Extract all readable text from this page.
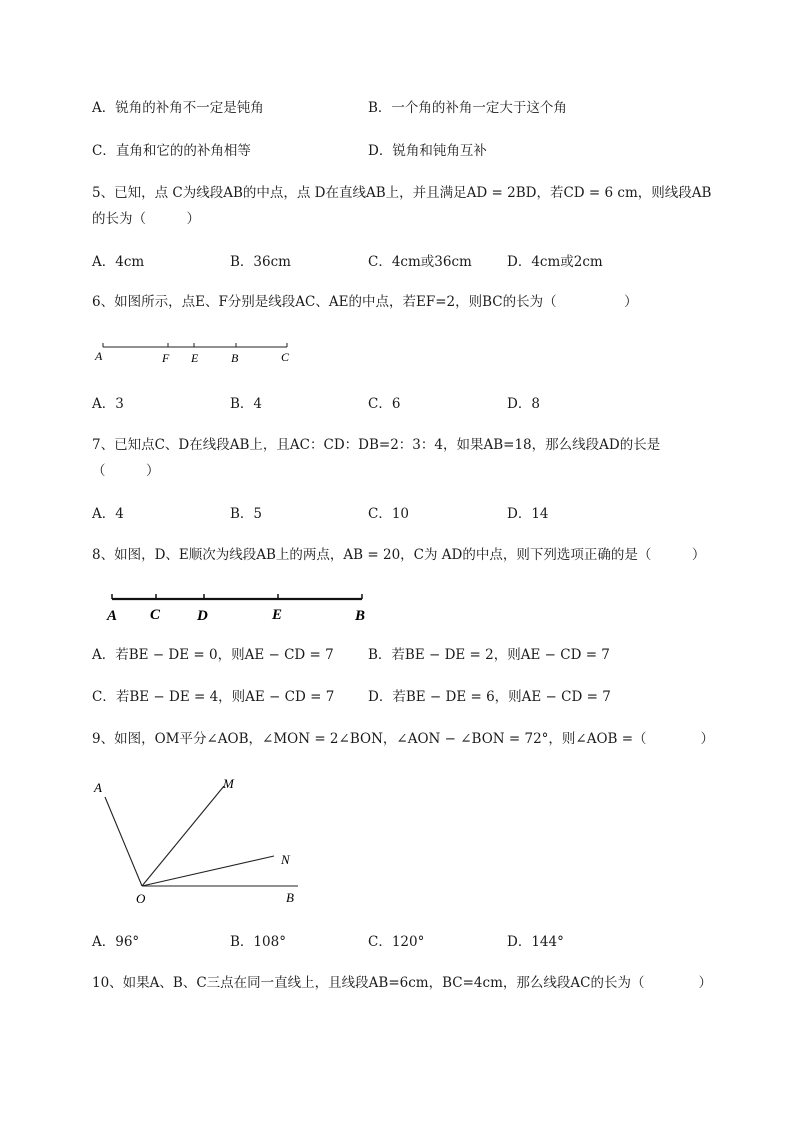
A．锐角的补角不一定是钝角	B．一个角的补角一定大于这个角
C．直角和它的的补角相等	D．锐角和钝角互补
5、已知，点 C为线段AB的中点，点 D在直线AB上，并且满足AD = 2BD，若CD = 6 cm，则线段AB
的长为（　　　）
A．4cm	B．36cm	C．4cm或36cm	D．4cm或2cm
6、如图所示，点E、F分别是线段AC、AE的中点，若EF=2，则BC的长为（　　　　　）
A	F E	B	C
A．3	B．4	C．6	D．8
7、已知点C、D在线段AB上，且AC：CD：DB=2：3：4，如果AB=18，那么线段AD的长是
（　　　）
A．4	B．5	C．10	D．14
8、如图，D、E顺次为线段AB上的两点，AB = 20，C为 AD的中点，则下列选项正确的是（　　　）
A C D	E	B
A．若BE − DE = 0，则AE − CD = 7	B．若BE − DE = 2，则AE − CD = 7
C．若BE − DE = 4，则AE − CD = 7 D．若BE − DE = 6，则AE − CD = 7
9、如图，OM平分∠AOB，∠MON = 2∠BON，∠AON − ∠BON = 72°，则∠AOB =（　　　　）
A	M
N
O	B
A．96°	B．108°	C．120°	D．144°
10、如果A、B、C三点在同一直线上，且线段AB=6cm，BC=4cm，那么线段AC的长为（　　　　）
